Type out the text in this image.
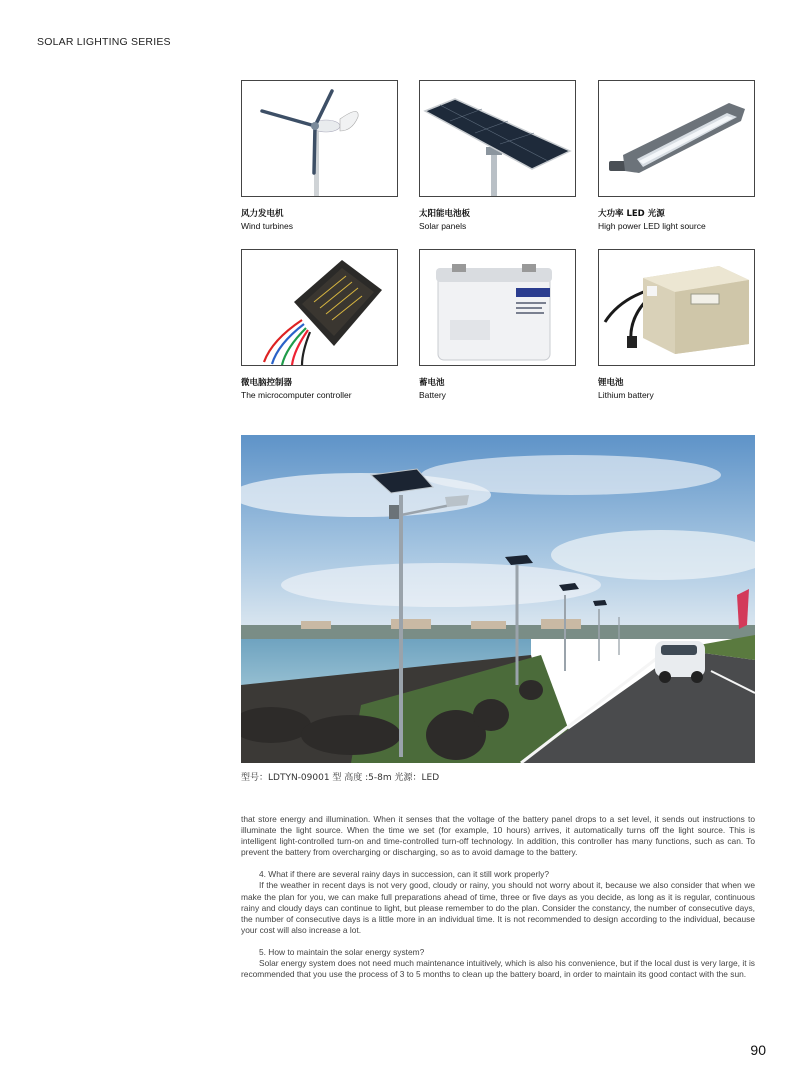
SOLAR LIGHTING SERIES
风力发电机
Wind turbines
太阳能电池板
Solar panels
大功率 LED 光源
High power LED light source
微电脑控制器
The microcomputer controller
蓄电池
Battery
锂电池
Lithium battery
型号：LDTYN-09001 型 高度 :5-8m 光源：LED

that store energy and illumination. When it senses that the voltage of the battery panel drops to a set level, it sends out instructions to illuminate the light source. When the time we set (for example, 10 hours) arrives, it automatically turns off the light source. This is intelligent light-controlled turn-on and time-controlled turn-off technology. In addition, this controller has many functions, such as can. To prevent the battery from overcharging or discharging, so as to avoid damage to the battery.

4. What if there are several rainy days in succession, can it still work properly?

If the weather in recent days is not very good, cloudy or rainy, you should not worry about it, because we also consider that when we make the plan for you, we can make full preparations ahead of time, three or five days as you decide, as long as it is regular, continuous rainy and cloudy days can continue to light, but please remember to do the plan. Consider the constancy, the number of consecutive days, the number of consecutive days is a little more in an individual time. It is not recommended to design according to the individual, because your cost will also increase a lot.

5. How to maintain the solar energy system?

Solar energy system does not need much maintenance intuitively, which is also his convenience, but if the local dust is very large, it is recommended that you use the process of 3 to 5 months to clean up the battery board, in order to maintain its good contact with the sun.

90
